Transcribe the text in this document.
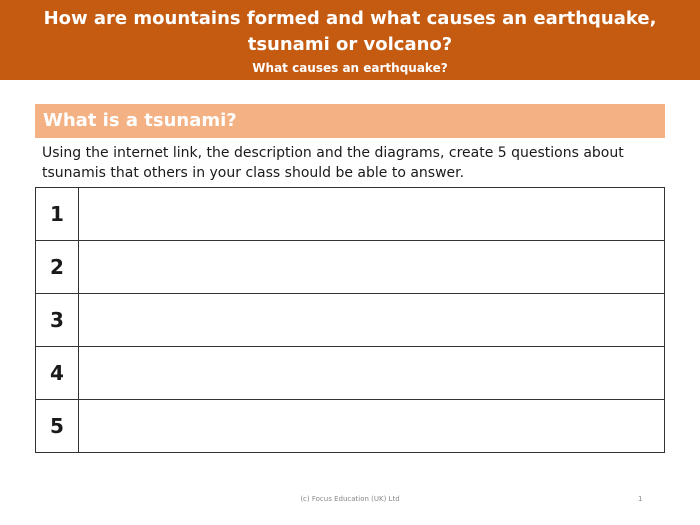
How are mountains formed and what causes an earthquake, tsunami or volcano?
What causes an earthquake?
What is a tsunami?
Using the internet link, the description and the diagrams, create 5 questions about tsunamis that others in your class should be able to answer.
1	
2	
3	
4	
5	
(c) Focus Education (UK) Ltd	1
